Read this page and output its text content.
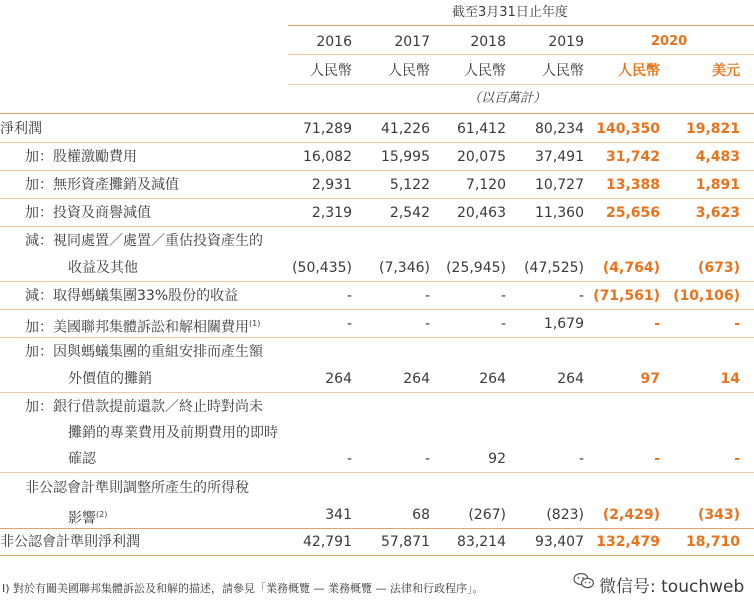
截至3月31日止年度
2016	2017	2018	2019	2020
人民幣	人民幣 人民幣	人民幣 人民幣	美元
（以百萬計）
淨利潤	71,289 41,226 61,412 80,234 140,350 19,821
加：股權激勵費用	16,082 15,995 20,075 37,491 31,742	4,483
加：無形資產攤銷及減值	2,931	5,122	7,120 10,727 13,388	1,891
加：投資及商譽減值	2,319	2,542 20,463 11,360 25,656	3,623
減：視同處置／處置／重估投資產生的
收益及其他	(50,435) (7,346) (25,945) (47,525) (4,764)	(673)
減：取得螞蟻集團33%股份的收益	-	-	-	- (71,561) (10,106)
加：美國聯邦集體訴訟和解相關費用$^{(1)}$	-	-	-	1,679	-	-
加：因與螞蟻集團的重組安排而產生額
外價值的攤銷	264	264	264	264	97	14
加：銀行借款提前還款／終止時對尚未
攤銷的專業費用及前期費用的即時
確認	-	-	92	-	-	-
非公認會計準則調整所產生的所得稅
影響$^{(2)}$	341	68	(267)	(823) (2,429)	(343)
非公認會計準則淨利潤	42,791 57,871 83,214 93,407 132,479 18,710
I) 對於有關美國聯邦集體訴訟及和解的描述，請參見「業務概覽 — 業務概覽 — 法律和行政程序」。	微信号: touchweb
